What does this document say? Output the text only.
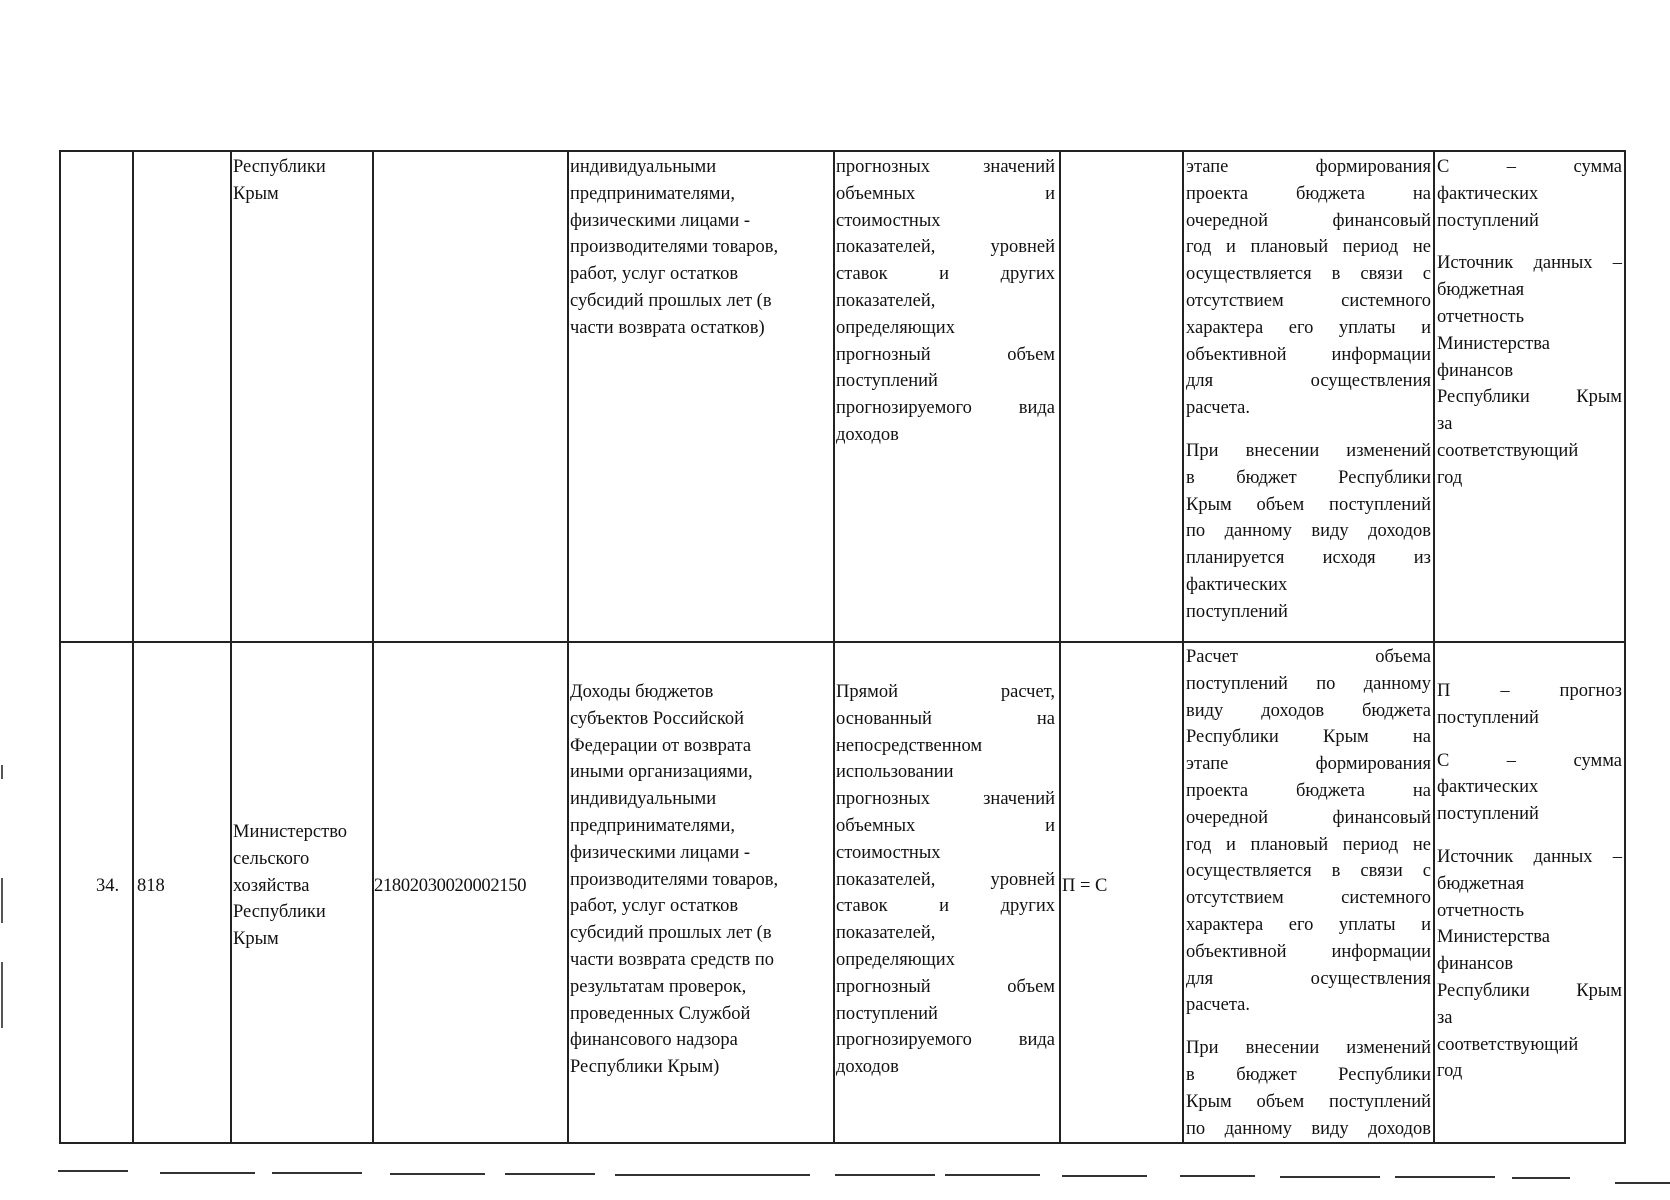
Республики

Крым

индивидуальными

предпринимателями,

физическими лицами -

производителями товаров,

работ, услуг остатков

субсидий прошлых лет (в

части возврата остатков)

прогнозных значений

объемных и

стоимостных

показателей, уровней

ставок и других

показателей,

определяющих

прогнозный объем

поступлений

прогнозируемого вида

доходов

этапе формирования

проекта бюджета на

очередной финансовый

год и плановый период не

осуществляется в связи с

отсутствием системного

характера его уплаты и

объективной информации

для осуществления

расчета.

При внесении изменений

в бюджет Республики

Крым объем поступлений

по данному виду доходов

планируется исходя из

фактических

поступлений

С – сумма

фактических

поступлений

Источник данных –

бюджетная

отчетность

Министерства

финансов

Республики Крым

за

соответствующий

год

34. 818

Министерство

сельского

хозяйства

Республики

Крым

21802030020002150

Доходы бюджетов

субъектов Российской

Федерации от возврата

иными организациями,

индивидуальными

предпринимателями,

физическими лицами -

производителями товаров,

работ, услуг остатков

субсидий прошлых лет (в

части возврата средств по

результатам проверок,

проведенных Службой

финансового надзора

Республики Крым)

Прямой расчет,

основанный на

непосредственном

использовании

прогнозных значений

объемных и

стоимостных

показателей, уровней

ставок и других

показателей,

определяющих

прогнозный объем

поступлений

прогнозируемого вида

доходов

П = С

Расчет объема

поступлений по данному

виду доходов бюджета

Республики Крым на

этапе формирования

проекта бюджета на

очередной финансовый

год и плановый период не

осуществляется в связи с

отсутствием системного

характера его уплаты и

объективной информации

для осуществления

расчета.

При внесении изменений

в бюджет Республики

Крым объем поступлений

по данному виду доходов

П – прогноз

поступлений

С – сумма

фактических

поступлений

Источник данных –

бюджетная

отчетность

Министерства

финансов

Республики Крым

за

соответствующий

год
